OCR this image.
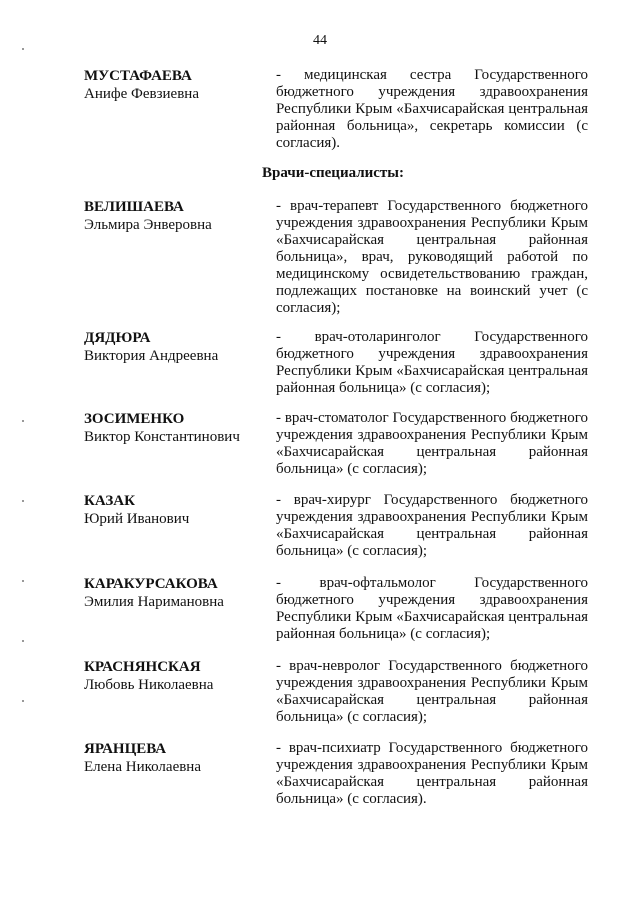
44
МУСТАФАЕВА
Анифе Февзиевна
- медицинская сестра Государственного бюджетного учреждения здравоохранения Республики Крым «Бахчисарайская центральная районная больница», секретарь комиссии (с согласия).
Врачи-специалисты:
ВЕЛИШАЕВА
Эльмира Энверовна
- врач-терапевт Государственного бюджетного учреждения здравоохранения Республики Крым «Бахчисарайская центральная районная больница», врач, руководящий работой по медицинскому освидетельствованию граждан, подлежащих постановке на воинский учет (с согласия);
ДЯДЮРА
Виктория Андреевна
- врач-отоларинголог Государственного бюджетного учреждения здравоохранения Республики Крым «Бахчисарайская центральная районная больница» (с согласия);
ЗОСИМЕНКО
Виктор Константинович
- врач-стоматолог Государственного бюджетного учреждения здравоохранения Республики Крым «Бахчисарайская центральная районная больница» (с согласия);
КАЗАК
Юрий Иванович
- врач-хирург Государственного бюджетного учреждения здравоохранения Республики Крым «Бахчисарайская центральная районная больница» (с согласия);
КАРАКУРСАКОВА
Эмилия Наримановна
- врач-офтальмолог Государственного бюджетного учреждения здравоохранения Республики Крым «Бахчисарайская центральная районная больница» (с согласия);
КРАСНЯНСКАЯ
Любовь Николаевна
- врач-невролог Государственного бюджетного учреждения здравоохранения Республики Крым «Бахчисарайская центральная районная больница» (с согласия);
ЯРАНЦЕВА
Елена Николаевна
- врач-психиатр Государственного бюджетного учреждения здравоохранения Республики Крым «Бахчисарайская центральная районная больница» (с согласия).
